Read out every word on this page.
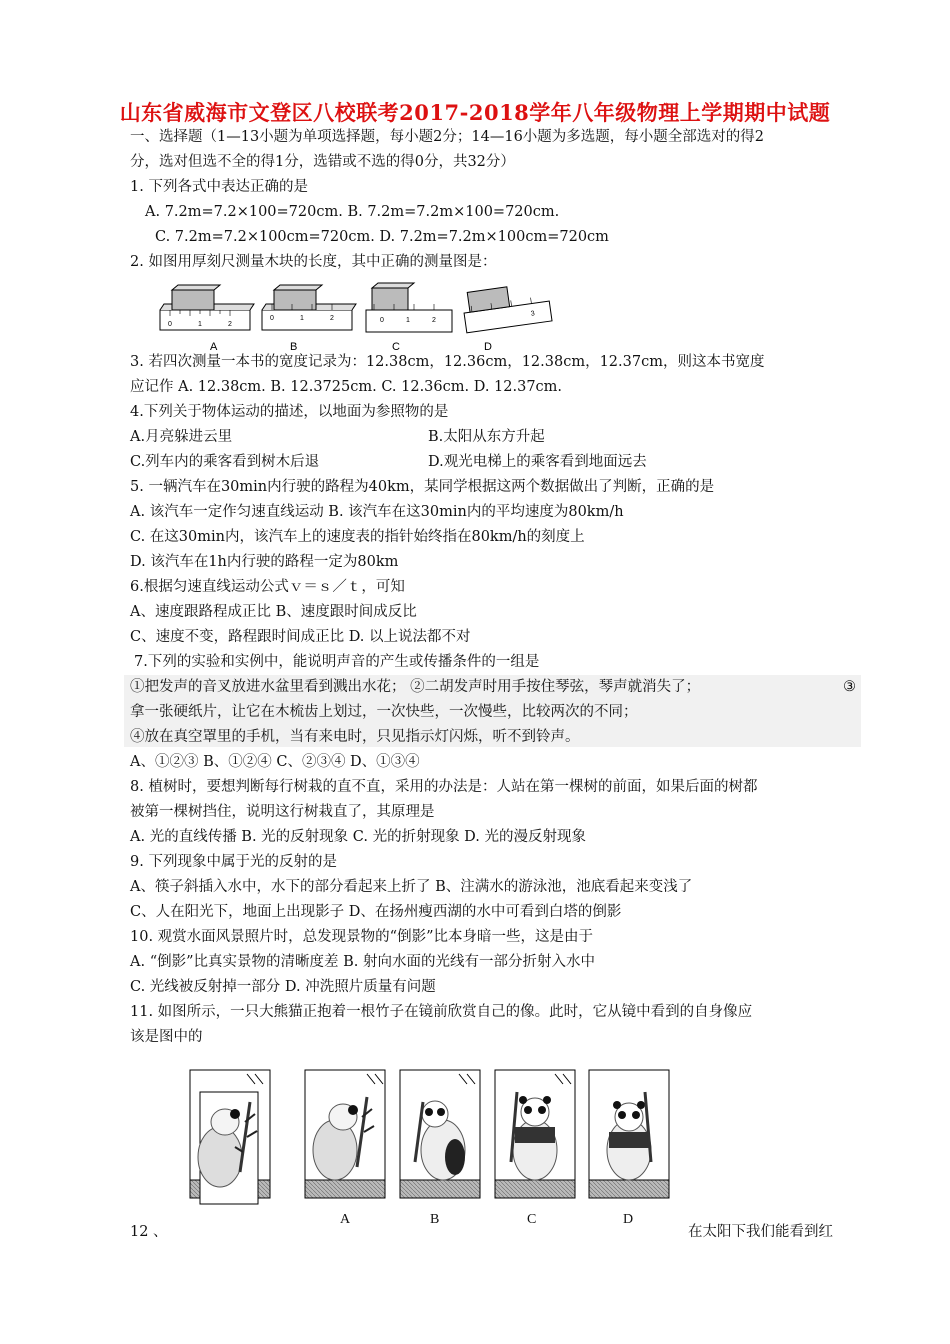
山东省威海市文登区八校联考2017-2018学年八年级物理上学期期中试题
一、选择题（1—13小题为单项选择题，每小题2分；14—16小题为多选题，每小题全部选对的得2
分，选对但选不全的得1分，选错或不选的得0分，共32分）
1. 下列各式中表达正确的是
A. 7.2m=7.2×100=720cm. B. 7.2m=7.2m×100=720cm.
C. 7.2m=7.2×100cm=720cm. D. 7.2m=7.2m×100cm=720cm
2. 如图用厚刻尺测量木块的长度，其中正确的测量图是：
0	1	2
0	1	2	0	1	2
3
A	B	C	D
3. 若四次测量一本书的宽度记录为：12.38cm，12.36cm，12.38cm，12.37cm，则这本书宽度
应记作 A. 12.38cm. B. 12.3725cm. C. 12.36cm. D. 12.37cm.
4.下列关于物体运动的描述，以地面为参照物的是
A.月亮躲进云里	B.太阳从东方升起
C.列车内的乘客看到树木后退	D.观光电梯上的乘客看到地面远去
5. 一辆汽车在30min内行驶的路程为40km，某同学根据这两个数据做出了判断，正确的是
A. 该汽车一定作匀速直线运动 B. 该汽车在这30min内的平均速度为80km/h
C. 在这30min内，该汽车上的速度表的指针始终指在80km/h的刻度上
D. 该汽车在1h内行驶的路程一定为80km
6.根据匀速直线运动公式ｖ＝ｓ／ｔ，可知
A、速度跟路程成正比 B、速度跟时间成反比
C、速度不变，路程跟时间成正比 D. 以上说法都不对
7.下列的实验和实例中，能说明声音的产生或传播条件的一组是
①把发声的音叉放进水盆里看到溅出水花； ②二胡发声时用手按住琴弦，琴声就消失了；	③
拿一张硬纸片，让它在木梳齿上划过，一次快些，一次慢些，比较两次的不同；
④放在真空罩里的手机，当有来电时，只见指示灯闪烁，听不到铃声。
A、①②③ B、①②④ C、②③④ D、①③④
8. 植树时，要想判断每行树栽的直不直，采用的办法是：人站在第一棵树的前面，如果后面的树都
被第一棵树挡住，说明这行树栽直了，其原理是
A. 光的直线传播 B. 光的反射现象 C. 光的折射现象 D. 光的漫反射现象
9. 下列现象中属于光的反射的是
A、筷子斜插入水中，水下的部分看起来上折了 B、注满水的游泳池，池底看起来变浅了
C、人在阳光下，地面上出现影子 D、在扬州瘦西湖的水中可看到白塔的倒影
10. 观赏水面风景照片时，总发现景物的“倒影”比本身暗一些，这是由于
A. “倒影”比真实景物的清晰度差 B. 射向水面的光线有一部分折射入水中
C. 光线被反射掉一部分 D. 冲洗照片质量有问题
11. 如图所示，一只大熊猫正抱着一根竹子在镜前欣赏自己的像。此时，它从镜中看到的自身像应
该是图中的
A	B	C	D
12 、	在太阳下我们能看到红
